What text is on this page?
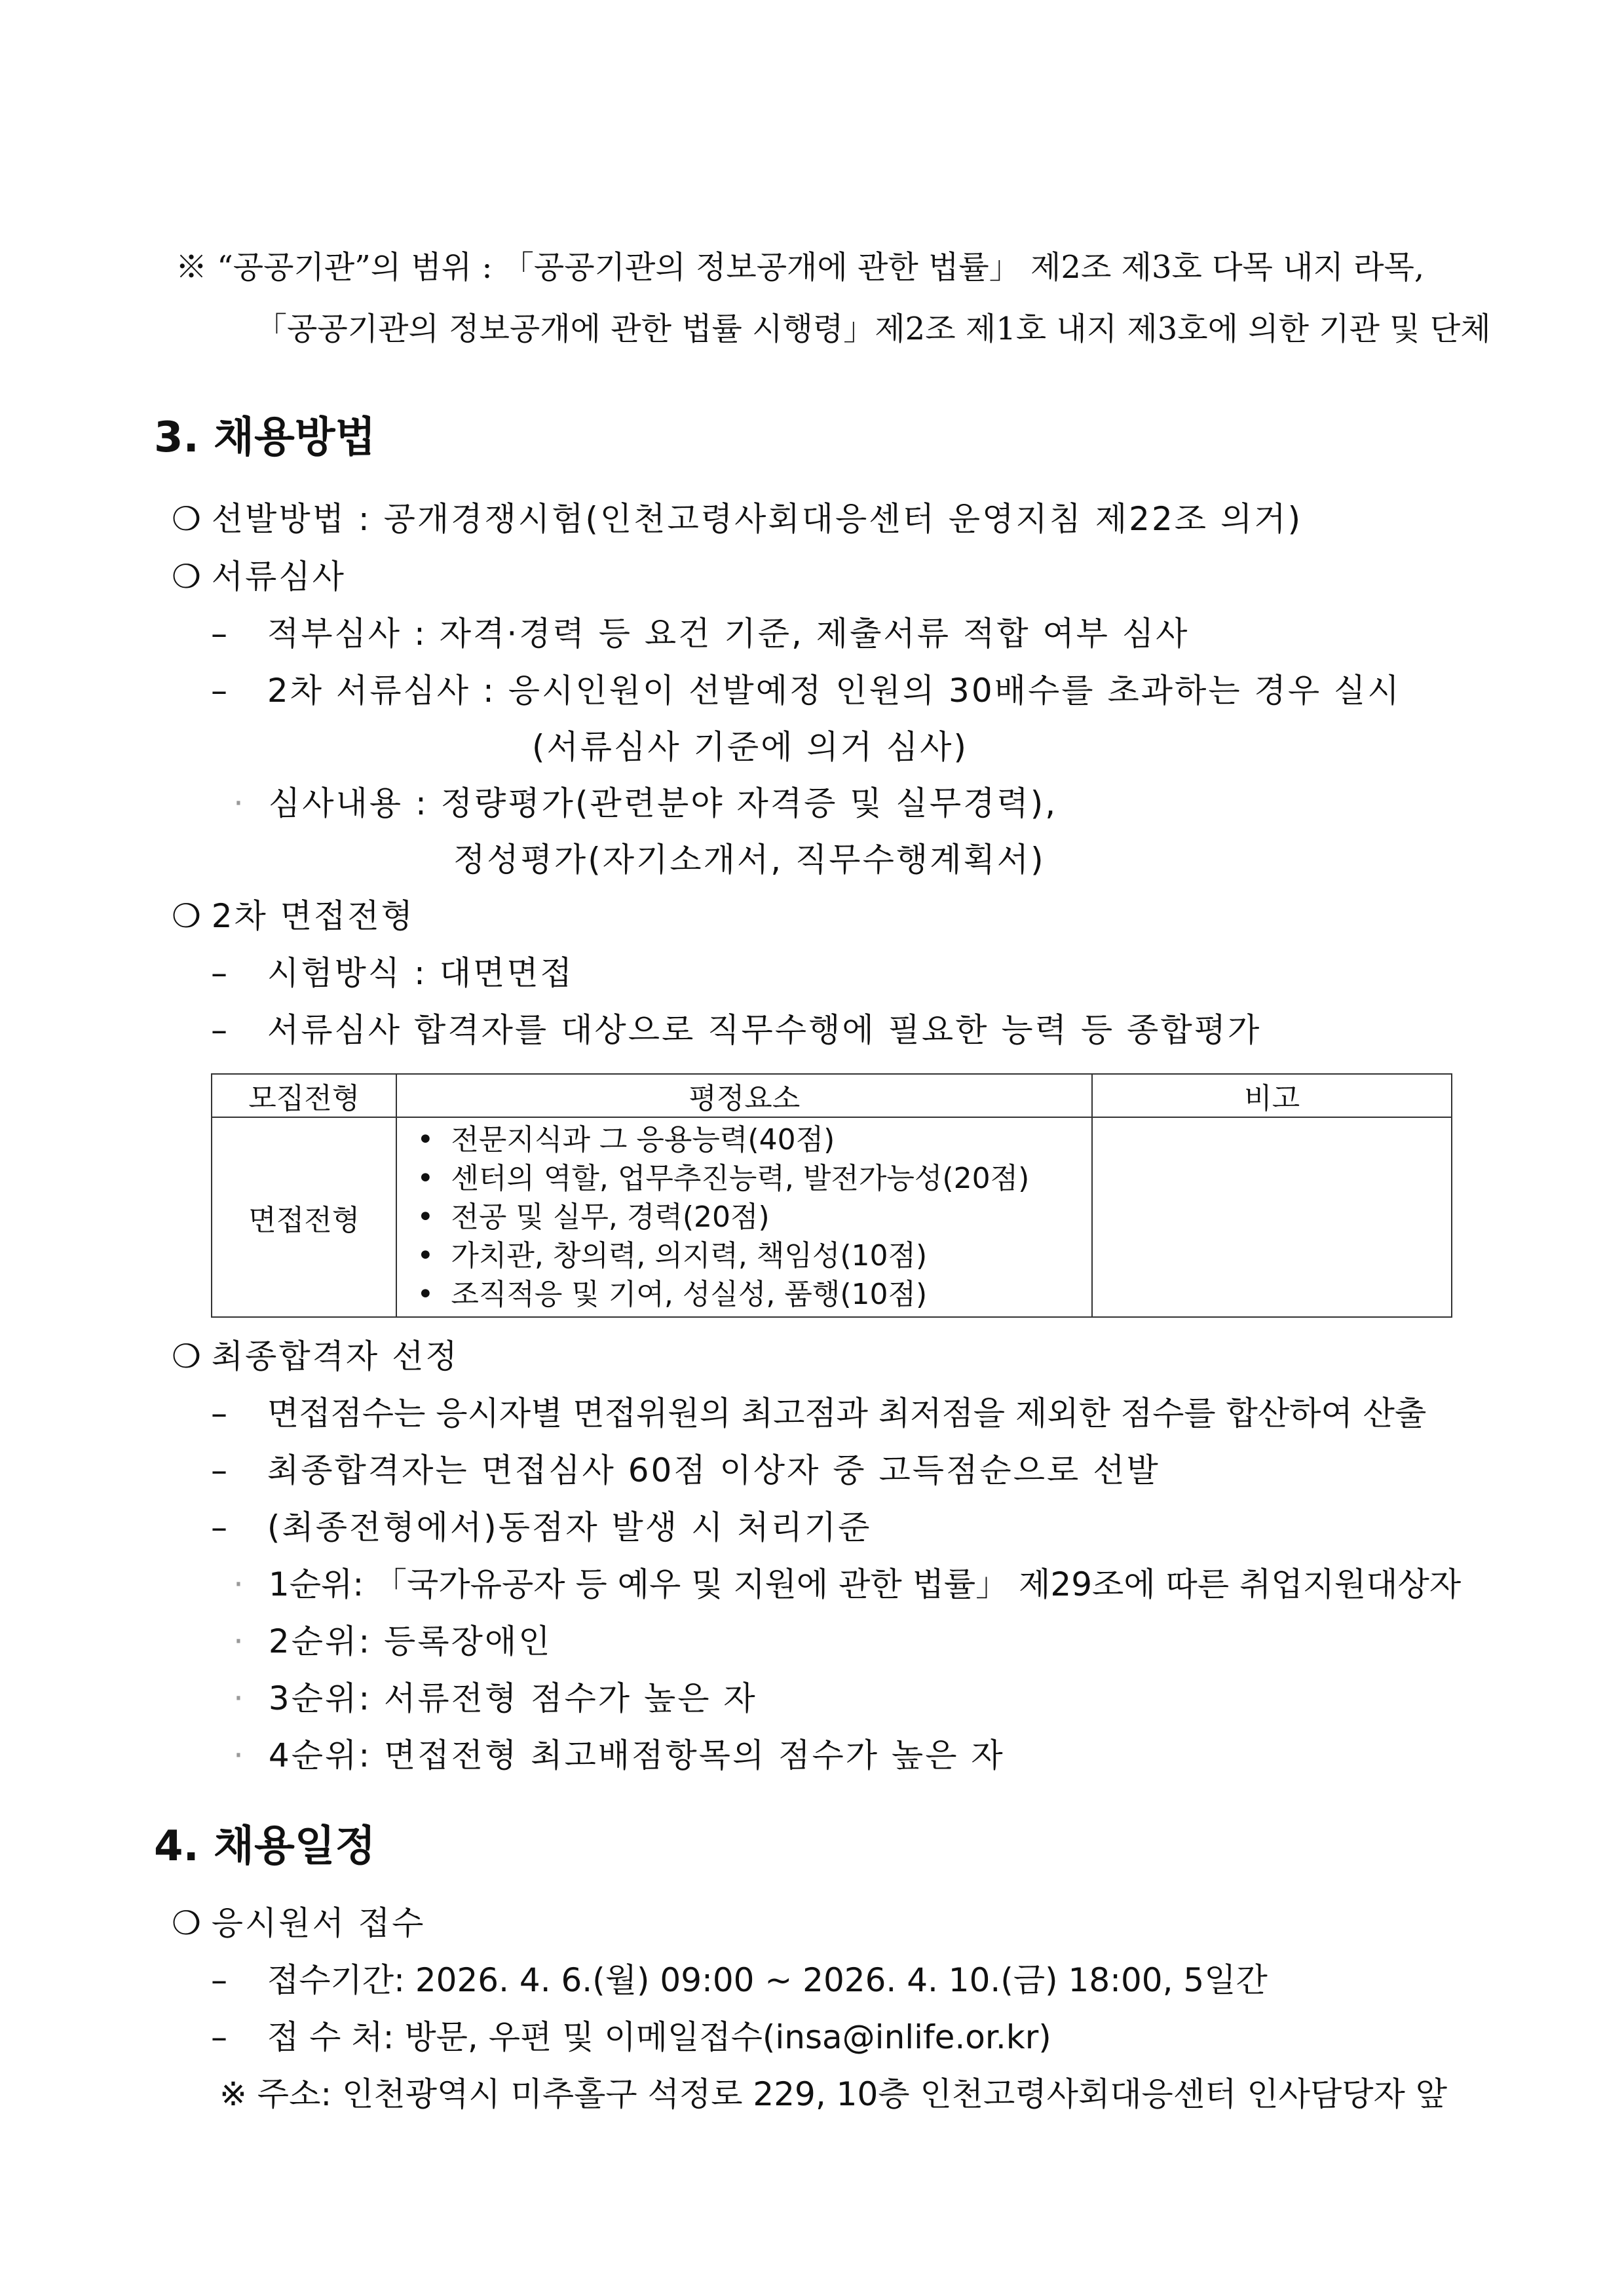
※ “공공기관”의 범위 : 「공공기관의 정보공개에 관한 법률」 제2조 제3호 다목 내지 라목,
「공공기관의 정보공개에 관한 법률 시행령」제2조 제1호 내지 제3호에 의한 기관 및 단체
3. 채용방법
❍ 선발방법 : 공개경쟁시험(인천고령사회대응센터 운영지침 제22조 의거)
❍ 서류심사
– 적부심사 : 자격·경력 등 요건 기준, 제출서류 적합 여부 심사
– 2차 서류심사 : 응시인원이 선발예정 인원의 30배수를 초과하는 경우 실시
(서류심사 기준에 의거 심사)
· 심사내용 : 정량평가(관련분야 자격증 및 실무경력),
정성평가(자기소개서, 직무수행계획서)
❍ 2차 면접전형
– 시험방식 : 대면면접
– 서류심사 합격자를 대상으로 직무수행에 필요한 능력 등 종합평가
모집전형	평정요소	비고
면접전형	• 전문지식과 그 응용능력(40점)
• 센터의 역할, 업무추진능력, 발전가능성(20점)
• 전공 및 실무, 경력(20점)
• 가치관, 창의력, 의지력, 책임성(10점)
• 조직적응 및 기여, 성실성, 품행(10점)	

❍ 최종합격자 선정
– 면접점수는 응시자별 면접위원의 최고점과 최저점을 제외한 점수를 합산하여 산출
– 최종합격자는 면접심사 60점 이상자 중 고득점순으로 선발
– (최종전형에서)동점자 발생 시 처리기준
· 1순위: 「국가유공자 등 예우 및 지원에 관한 법률」 제29조에 따른 취업지원대상자
· 2순위: 등록장애인
· 3순위: 서류전형 점수가 높은 자
· 4순위: 면접전형 최고배점항목의 점수가 높은 자
4. 채용일정
❍ 응시원서 접수
– 접수기간: 2026. 4. 6.(월) 09:00 ~ 2026. 4. 10.(금) 18:00, 5일간
– 접 수 처: 방문, 우편 및 이메일접수(insa@inlife.or.kr)
※ 주소: 인천광역시 미추홀구 석정로 229, 10층 인천고령사회대응센터 인사담당자 앞
